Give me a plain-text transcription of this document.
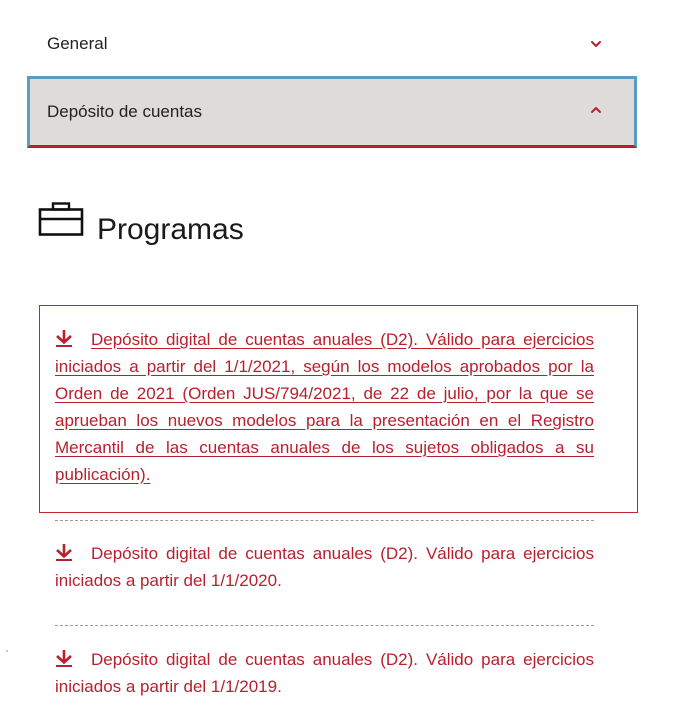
General
Depósito de cuentas
Programas
Depósito digital de cuentas anuales (D2). Válido para ejercicios iniciados a partir del 1/1/2021, según los modelos aprobados por la Orden de 2021 (Orden JUS/794/2021, de 22 de julio, por la que se aprueban los nuevos modelos para la presentación en el Registro Mercantil de las cuentas anuales de los sujetos obligados a su publicación).
Depósito digital de cuentas anuales (D2). Válido para ejercicios iniciados a partir del 1/1/2020.
Depósito digital de cuentas anuales (D2). Válido para ejercicios iniciados a partir del 1/1/2019.
